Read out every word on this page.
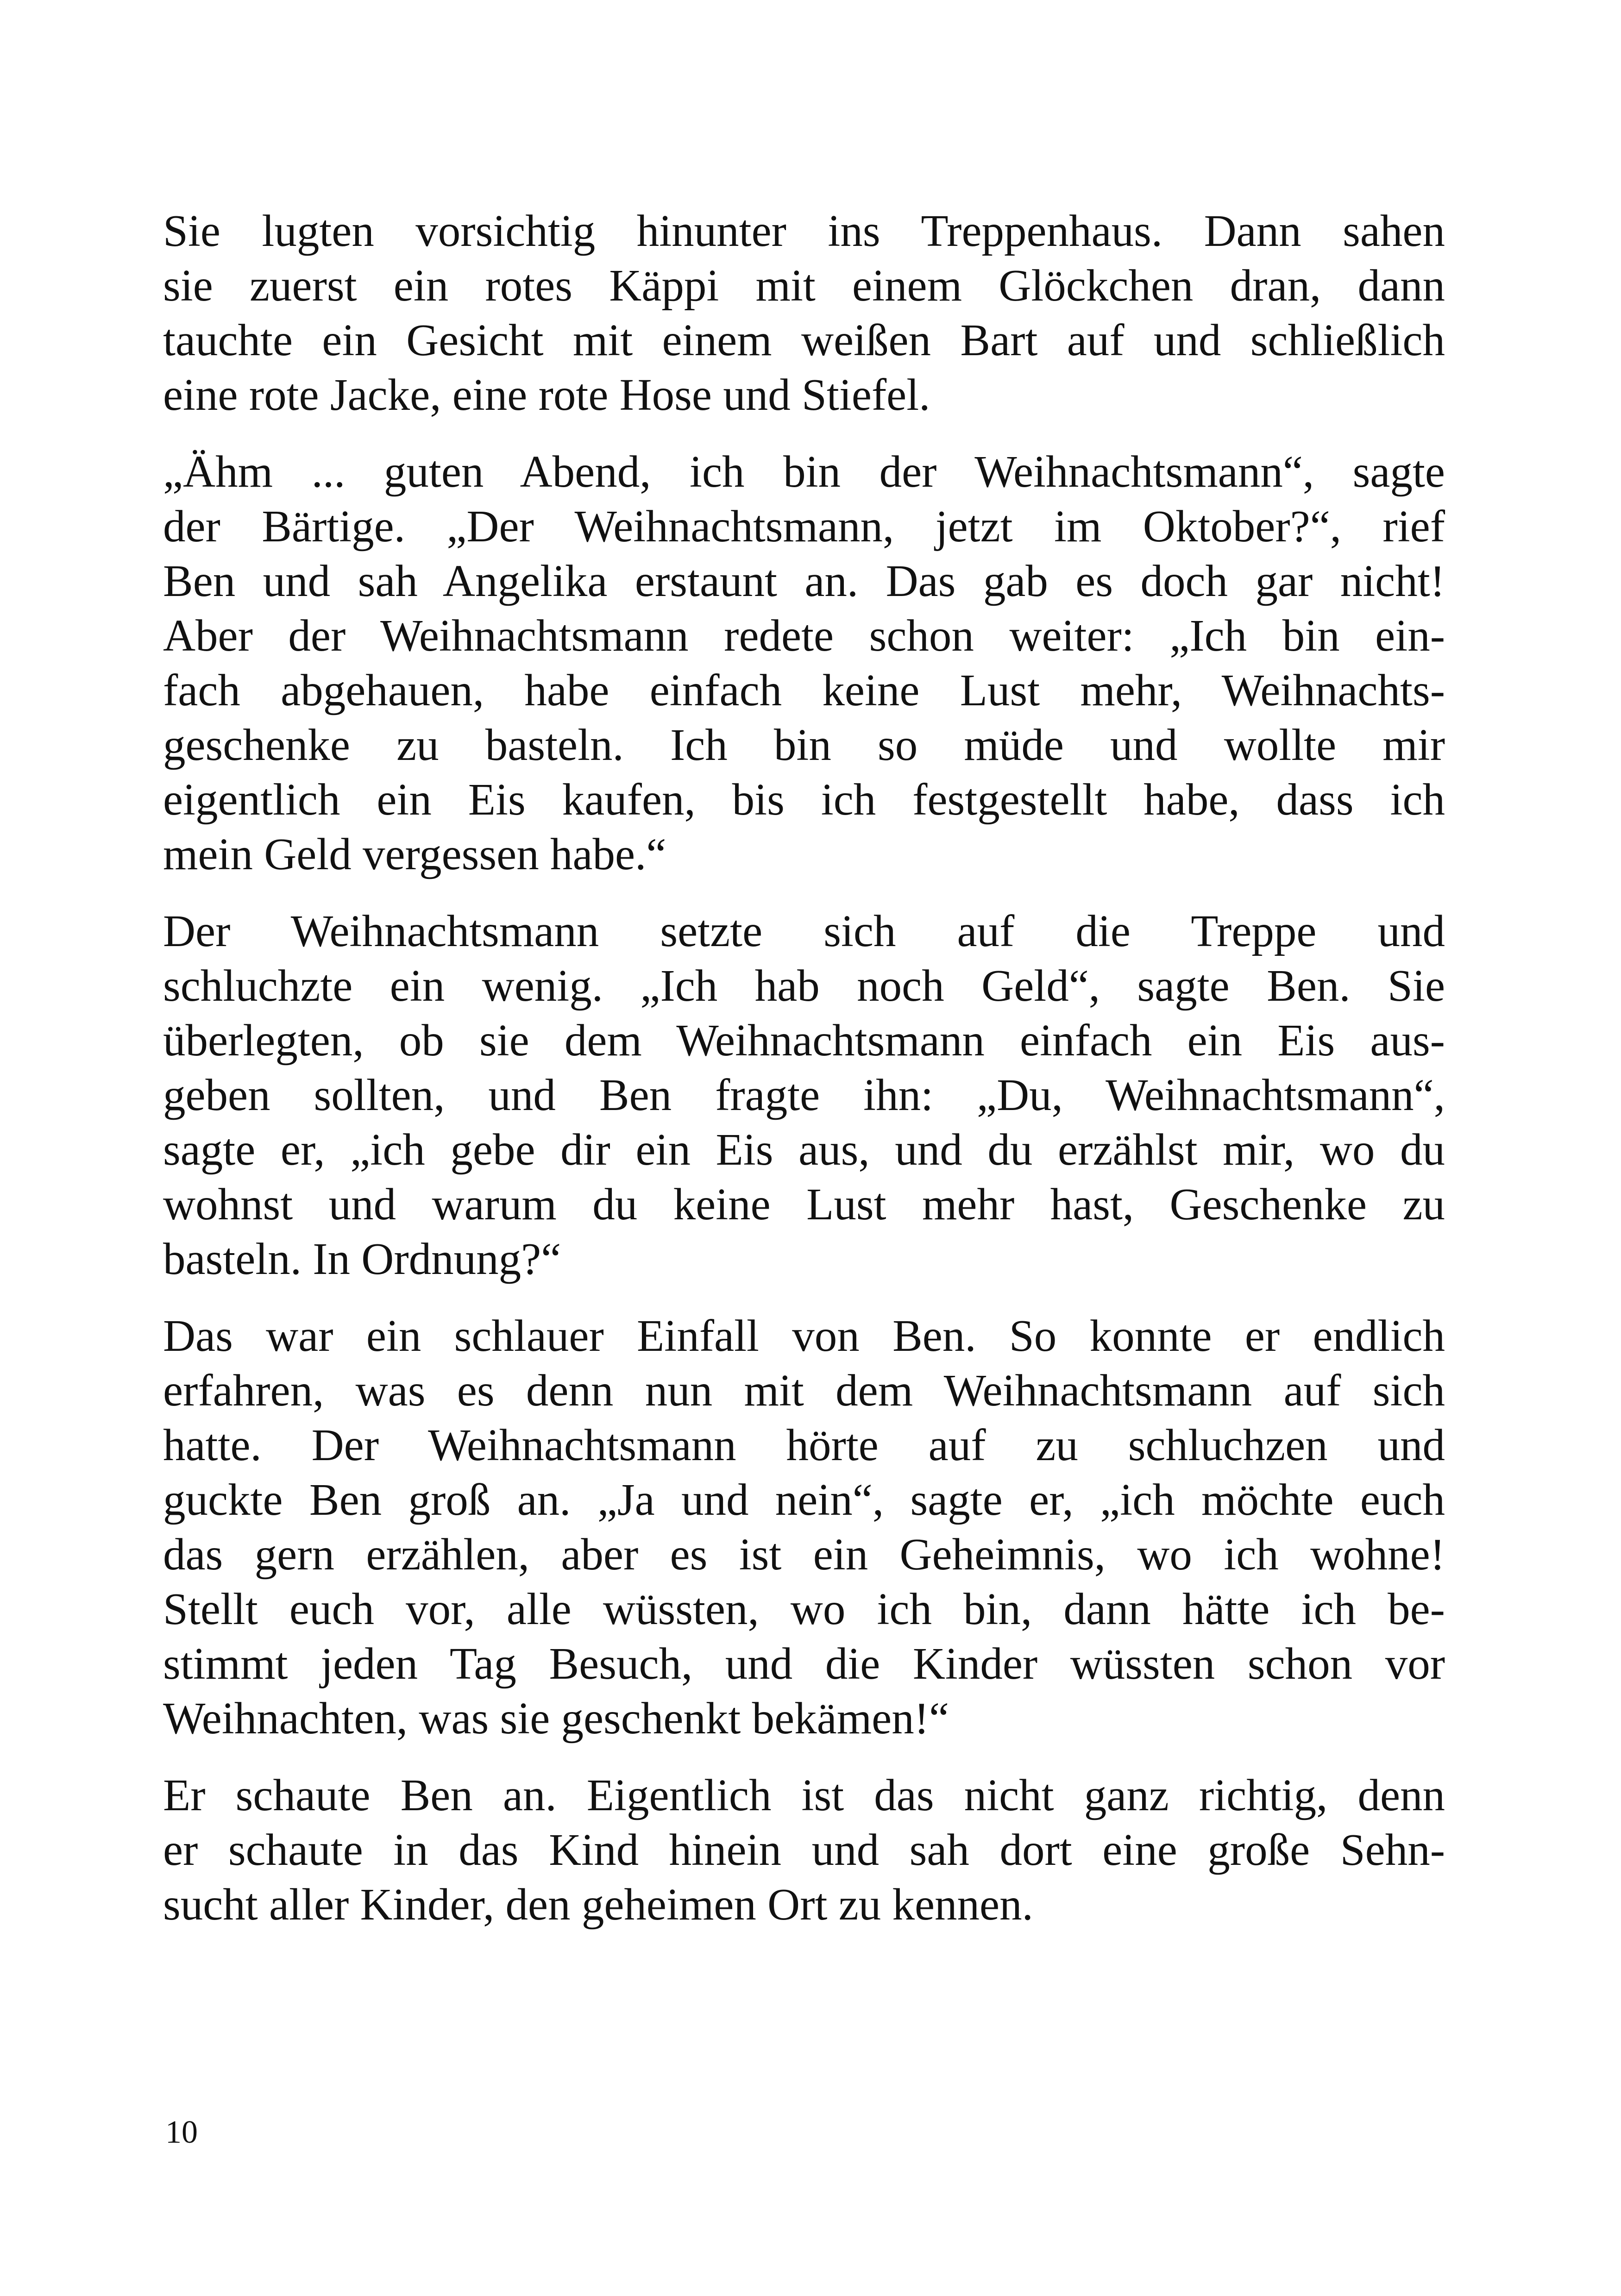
Sie lugten vorsichtig hinunter ins Treppenhaus. Dann sahen
sie zuerst ein rotes Käppi mit einem Glöckchen dran, dann
tauchte ein Gesicht mit einem weißen Bart auf und schließlich
eine rote Jacke, eine rote Hose und Stiefel.

„Ähm ... guten Abend, ich bin der Weihnachtsmann“, sagte
der Bärtige. „Der Weihnachtsmann, jetzt im Oktober?“, rief
Ben und sah Angelika erstaunt an. Das gab es doch gar nicht!
Aber der Weihnachtsmann redete schon weiter: „Ich bin ein-
fach abgehauen, habe einfach keine Lust mehr, Weihnachts-
geschenke zu basteln. Ich bin so müde und wollte mir
eigentlich ein Eis kaufen, bis ich festgestellt habe, dass ich
mein Geld vergessen habe.“

Der Weihnachtsmann setzte sich auf die Treppe und
schluchzte ein wenig. „Ich hab noch Geld“, sagte Ben. Sie
überlegten, ob sie dem Weihnachtsmann einfach ein Eis aus-
geben sollten, und Ben fragte ihn: „Du, Weihnachtsmann“,
sagte er, „ich gebe dir ein Eis aus, und du erzählst mir, wo du
wohnst und warum du keine Lust mehr hast, Geschenke zu
basteln. In Ordnung?“

Das war ein schlauer Einfall von Ben. So konnte er endlich
erfahren, was es denn nun mit dem Weihnachtsmann auf sich
hatte. Der Weihnachtsmann hörte auf zu schluchzen und
guckte Ben groß an. „Ja und nein“, sagte er, „ich möchte euch
das gern erzählen, aber es ist ein Geheimnis, wo ich wohne!
Stellt euch vor, alle wüssten, wo ich bin, dann hätte ich be-
stimmt jeden Tag Besuch, und die Kinder wüssten schon vor
Weihnachten, was sie geschenkt bekämen!“

Er schaute Ben an. Eigentlich ist das nicht ganz richtig, denn
er schaute in das Kind hinein und sah dort eine große Sehn-
sucht aller Kinder, den geheimen Ort zu kennen.

10
